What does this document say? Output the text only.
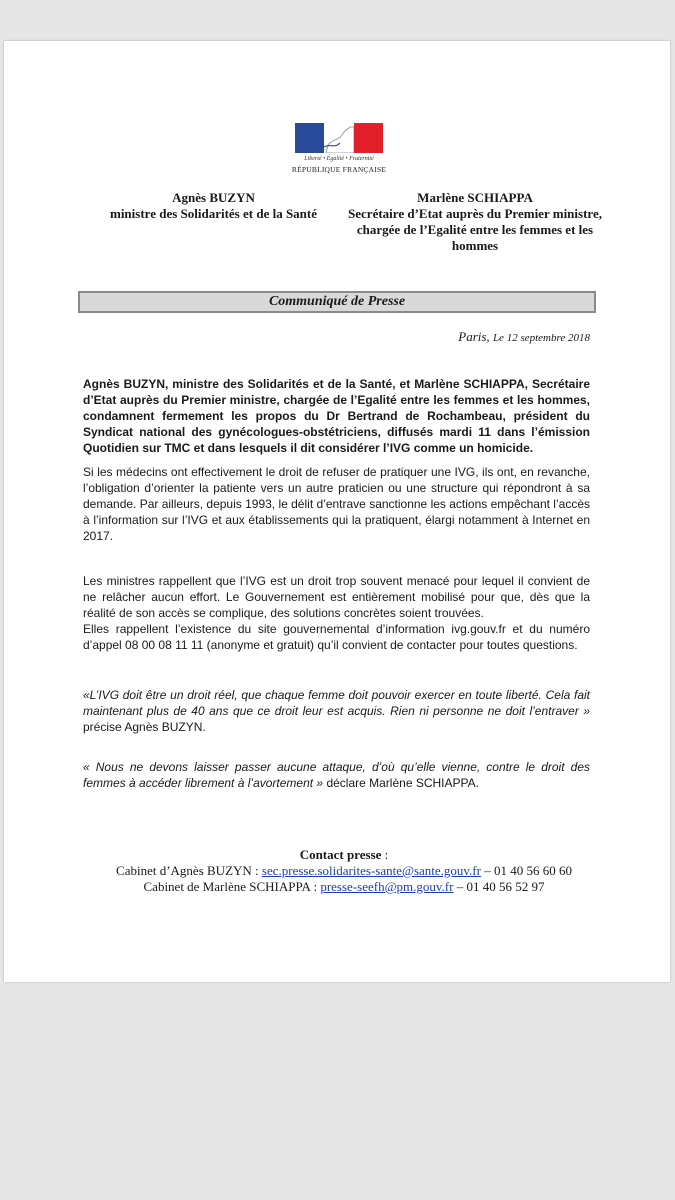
Liberté • Égalité • Fraternité
RÉPUBLIQUE FRANÇAISE
Agnès BUZYN
ministre des Solidarités et de la Santé
Marlène SCHIAPPA
Secrétaire d’Etat auprès du Premier ministre, chargée de l’Egalité entre les femmes et les hommes
Communiqué de Presse
Paris, Le 12 septembre 2018
Agnès BUZYN, ministre des Solidarités et de la Santé, et Marlène SCHIAPPA, Secrétaire d’Etat auprès du Premier ministre, chargée de l’Egalité entre les femmes et les hommes, condamnent fermement les propos du Dr Bertrand de Rochambeau, président du Syndicat national des gynécologues-obstétriciens, diffusés mardi 11 dans l’émission Quotidien sur TMC et dans lesquels il dit considérer l’IVG comme un homicide.
Si les médecins ont effectivement le droit de refuser de pratiquer une IVG, ils ont, en revanche, l’obligation d’orienter la patiente vers un autre praticien ou une structure qui répondront à sa demande. Par ailleurs, depuis 1993, le délit d’entrave sanctionne les actions empêchant l’accès à l’information sur l’IVG et aux établissements qui la pratiquent, élargi notamment à Internet en 2017.
Les ministres rappellent que l’IVG est un droit trop souvent menacé pour lequel il convient de ne relâcher aucun effort. Le Gouvernement est entièrement mobilisé pour que, dès que la réalité de son accès se complique, des solutions concrètes soient trouvées.
Elles rappellent l’existence du site gouvernemental d’information ivg.gouv.fr et du numéro d’appel 08 00 08 11 11 (anonyme et gratuit) qu’il convient de contacter pour toutes questions.
«L’IVG doit être un droit réel, que chaque femme doit pouvoir exercer en toute liberté. Cela fait maintenant plus de 40 ans que ce droit leur est acquis. Rien ni personne ne doit l’entraver » précise Agnès BUZYN.
« Nous ne devons laisser passer aucune attaque, d’où qu’elle vienne, contre le droit des femmes à accéder librement à l’avortement » déclare Marlène SCHIAPPA.
Contact presse :
Cabinet d’Agnès BUZYN : sec.presse.solidarites-sante@sante.gouv.fr – 01 40 56 60 60
Cabinet de Marlène SCHIAPPA : presse-seefh@pm.gouv.fr – 01 40 56 52 97
